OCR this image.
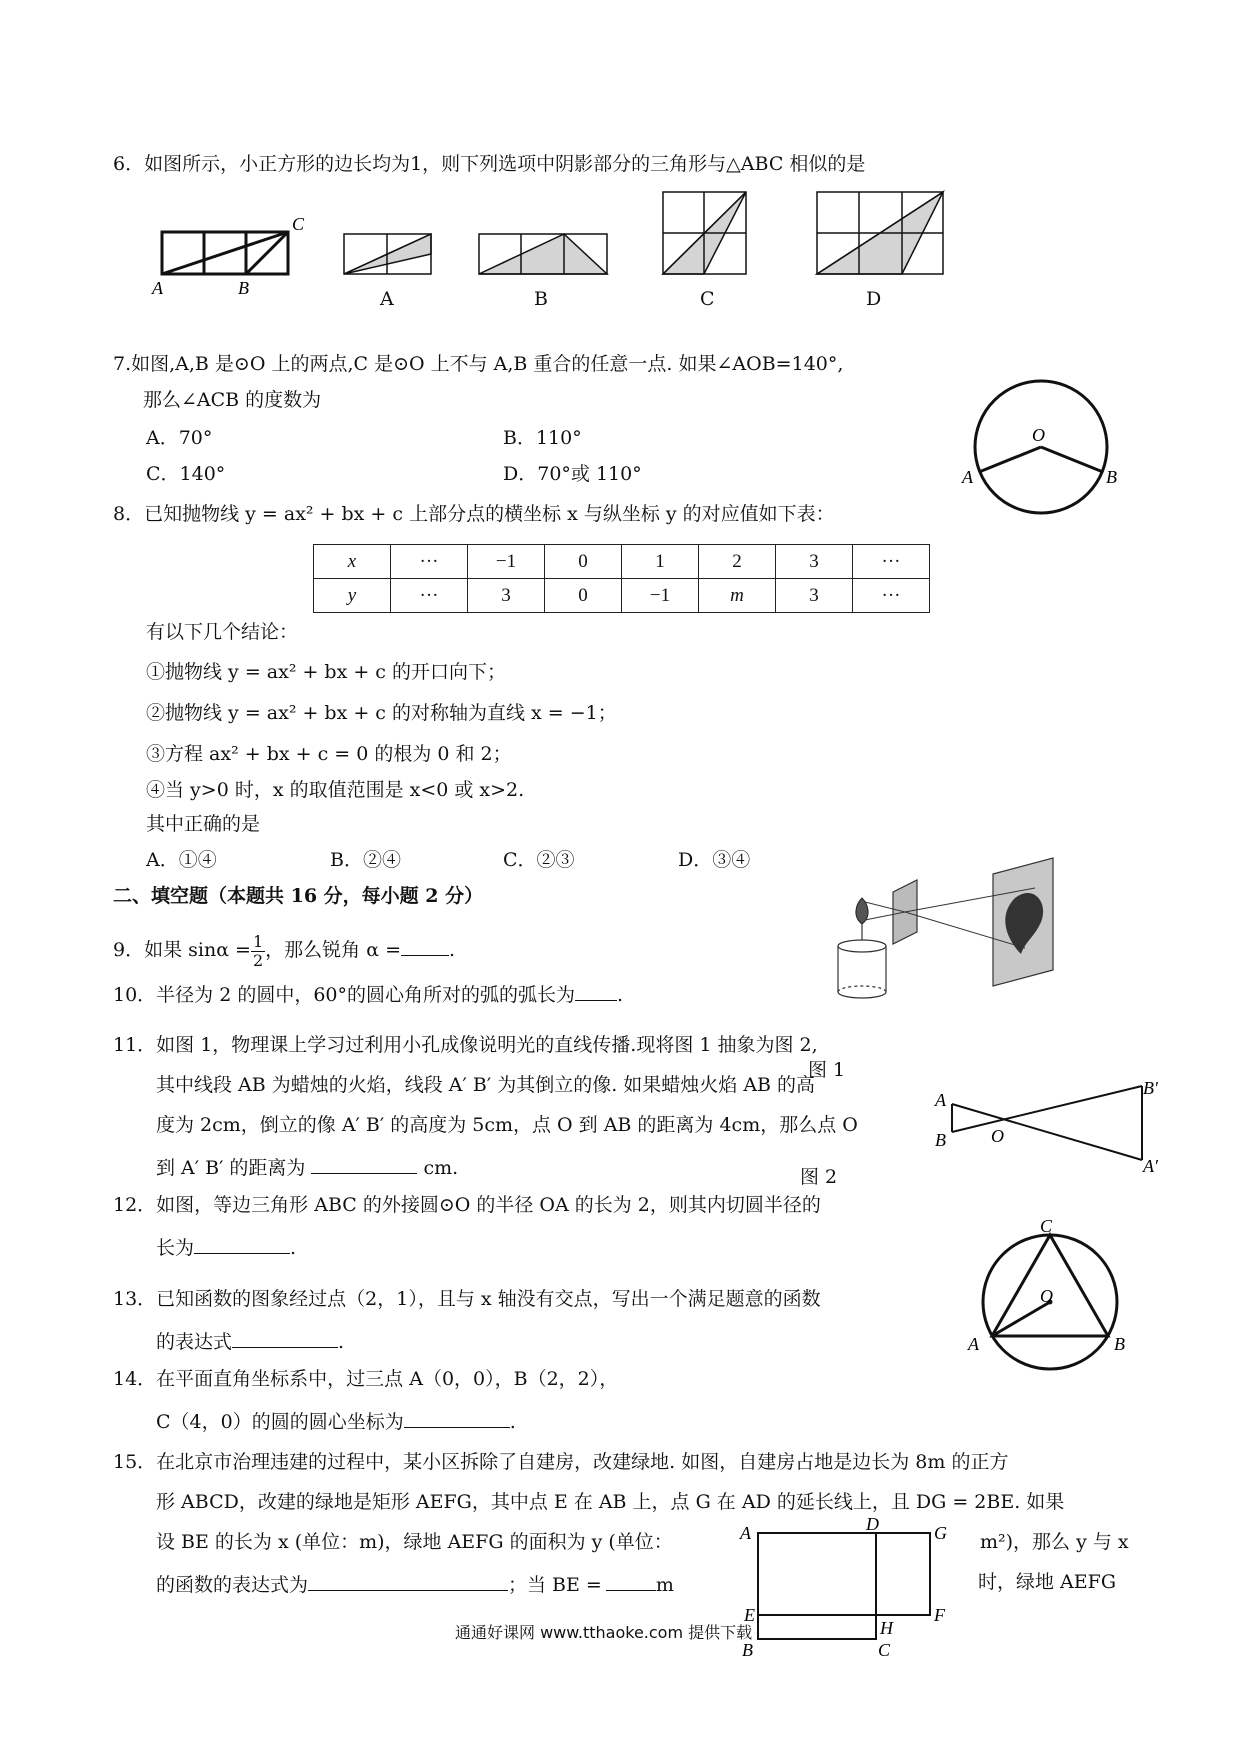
6．如图所示，小正方形的边长均为1，则下列选项中阴影部分的三角形与△ABC 相似的是
C
A	B	A	B	C	D
7.如图,A,B 是⊙O 上的两点,C 是⊙O 上不与 A,B 重合的任意一点. 如果∠AOB=140°,
那么∠ACB 的度数为
A．70°	B．110°
C．140°	D．70°或 110°
O
A	B
8．已知抛物线 y = ax² + bx + c 上部分点的横坐标 x 与纵坐标 y 的对应值如下表：
x	···	−1	0	1	2	3	···
y	···	3	0	−1	m	3	···
有以下几个结论：
①抛物线 y = ax² + bx + c 的开口向下；
②抛物线 y = ax² + bx + c 的对称轴为直线 x = −1；
③方程 ax² + bx + c = 0 的根为 0 和 2；
④当 y>0 时，x 的取值范围是 x<0 或 x>2.
其中正确的是
A．①④	B．②④	C．②③	D．③④
二、填空题（本题共 16 分，每小题 2 分）
9．如果 $\sin\alpha = \frac{1}{2}$ ，那么锐角 α =	.
10．半径为 2 的圆中，60°的圆心角所对的弧的弧长为 .
11．如图 1，物理课上学习过利用小孔成像说明光的直线传播.现将图 1 抽象为图 2,
图 1
其中线段 AB 为蜡烛的火焰，线段 A′ B′ 为其倒立的像. 如果蜡烛火焰 AB 的高
度为 2cm，倒立的像 A′ B′ 的高度为 5cm，点 O 到 AB 的距离为 4cm，那么点 O
到 A′ B′ 的距离为	cm.
A
B	O
B′
A′
图 2
12．如图，等边三角形 ABC 的外接圆⊙O 的半径 OA 的长为 2，则其内切圆半径的
长为	.
C
O
A	B
13．已知函数的图象经过点（2，1），且与 x 轴没有交点，写出一个满足题意的函数
的表达式	.
14．在平面直角坐标系中，过三点 A（0，0），B（2，2），
C（4，0）的圆的圆心坐标为	.
15．在北京市治理违建的过程中，某小区拆除了自建房，改建绿地. 如图，自建房占地是边长为 8m 的正方
形 ABCD，改建的绿地是矩形 AEFG，其中点 E 在 AB 上，点 G 在 AD 的延长线上，且 DG = 2BE. 如果
设 BE 的长为 x (单位：m)，绿地 AEFG 的面积为 y (单位：	m²)，那么 y 与 x
的函数的表达式为	；当 BE =	m	时，绿地 AEFG
A	D	G
E
H
F
B	C
通通好课网 www.tthaoke.com 提供下载
